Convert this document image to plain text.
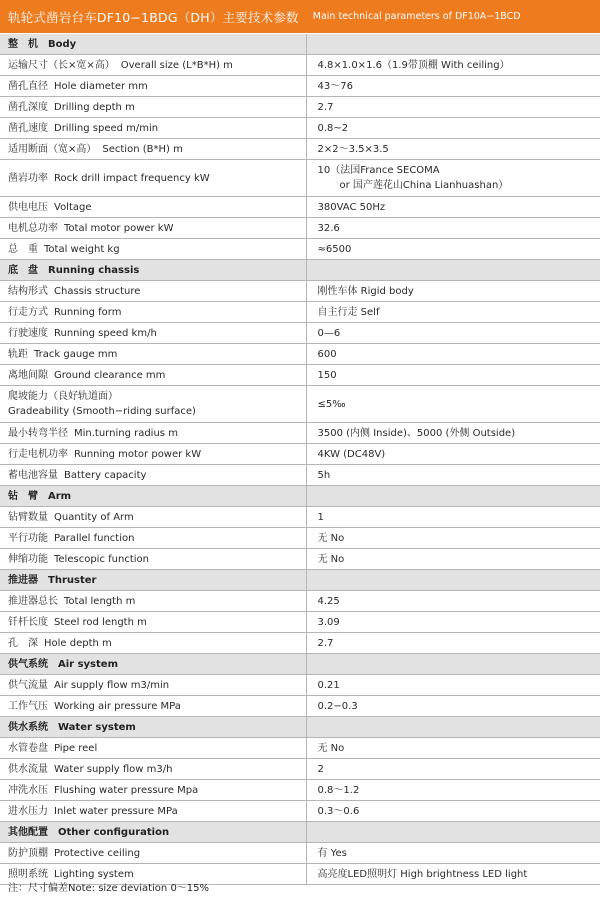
轨轮式凿岩台车DF10−1BDG（DH）主要技术参数 Main technical parameters of DF10A−1BCD
整　机　Body	
运输尺寸（长×宽×高） Overall size (L*B*H) m	4.8×1.0×1.6（1.9带顶棚 With ceiling）
凿孔直径 Hole diameter mm	43～76
凿孔深度 Drilling depth m	2.7
凿孔速度 Drilling speed m/min	0.8~2
适用断面（宽×高） Section (B*H) m	2×2～3.5×3.5
凿岩功率 Rock drill impact frequency kW	10（法国France SECOMA
or 国产莲花山China Lianhuashan）

供电电压 Voltage	380VAC 50Hz
电机总功率 Total motor power kW	32.6
总　重 Total weight kg	≈6500
底　盘　Running chassis	
结构形式 Chassis structure	刚性车体 Rigid body
行走方式 Running form	自主行走 Self
行驶速度 Running speed km/h	0—6
轨距 Track gauge mm	600
离地间隙 Ground clearance mm	150
爬坡能力（良好轨道面）
Gradeability (Smooth−riding surface)	≤5‰
最小转弯半径 Min.turning radius m	3500 (内侧 Inside)、5000 (外侧 Outside)
行走电机功率 Running motor power kW	4KW (DC48V)
蓄电池容量 Battery capacity	5h
钻　臂　Arm	
钻臂数量 Quantity of Arm	1
平行功能 Parallel function	无 No
伸缩功能 Telescopic function	无 No
推进器　Thruster	
推进器总长 Total length m	4.25
钎杆长度 Steel rod length m	3.09
孔　深 Hole depth m	2.7
供气系统　Air system	
供气流量 Air supply flow m3/min	0.21
工作气压 Working air pressure MPa	0.2−0.3
供水系统　Water system	
水管卷盘 Pipe reel	无 No
供水流量 Water supply flow m3/h	2
冲洗水压 Flushing water pressure Mpa	0.8～1.2
进水压力 Inlet water pressure MPa	0.3～0.6
其他配置　Other configuration	
防护顶棚 Protective ceiling	有 Yes
照明系统 Lighting system	高亮度LED照明灯 High brightness LED light
注：尺寸偏差Note: size deviation 0～15%
